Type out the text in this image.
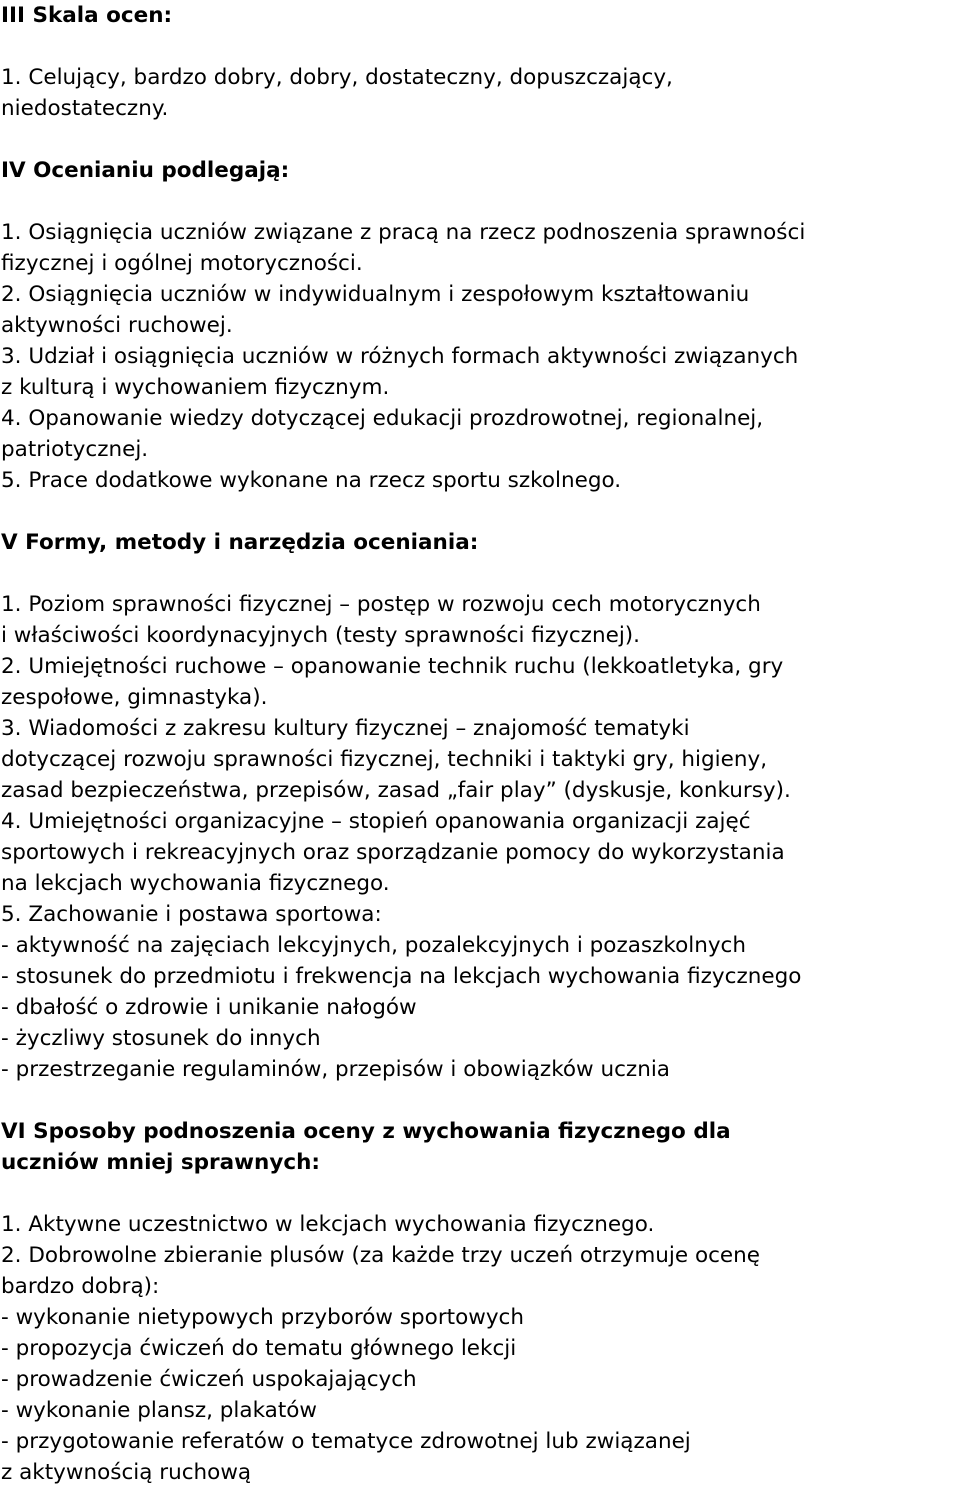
III Skala ocen:

1. Celujący, bardzo dobry, dobry, dostateczny, dopuszczający,

niedostateczny.

IV Ocenianiu podlegają:

1. Osiągnięcia uczniów związane z pracą na rzecz podnoszenia sprawności

fizycznej i ogólnej motoryczności.

2. Osiągnięcia uczniów w indywidualnym i zespołowym kształtowaniu

aktywności ruchowej.

3. Udział i osiągnięcia uczniów w różnych formach aktywności związanych

z kulturą i wychowaniem fizycznym.

4. Opanowanie wiedzy dotyczącej edukacji prozdrowotnej, regionalnej,

patriotycznej.

5. Prace dodatkowe wykonane na rzecz sportu szkolnego.

V Formy, metody i narzędzia oceniania:

1. Poziom sprawności fizycznej – postęp w rozwoju cech motorycznych

i właściwości koordynacyjnych (testy sprawności fizycznej).

2. Umiejętności ruchowe – opanowanie technik ruchu (lekkoatletyka, gry

zespołowe, gimnastyka).

3. Wiadomości z zakresu kultury fizycznej – znajomość tematyki

dotyczącej rozwoju sprawności fizycznej, techniki i taktyki gry, higieny,

zasad bezpieczeństwa, przepisów, zasad „fair play” (dyskusje, konkursy).

4. Umiejętności organizacyjne – stopień opanowania organizacji zajęć

sportowych i rekreacyjnych oraz sporządzanie pomocy do wykorzystania

na lekcjach wychowania fizycznego.

5. Zachowanie i postawa sportowa:

- aktywność na zajęciach lekcyjnych, pozalekcyjnych i pozaszkolnych

- stosunek do przedmiotu i frekwencja na lekcjach wychowania fizycznego

- dbałość o zdrowie i unikanie nałogów

- życzliwy stosunek do innych

- przestrzeganie regulaminów, przepisów i obowiązków ucznia

VI Sposoby podnoszenia oceny z wychowania fizycznego dla

uczniów mniej sprawnych:

1. Aktywne uczestnictwo w lekcjach wychowania fizycznego.

2. Dobrowolne zbieranie plusów (za każde trzy uczeń otrzymuje ocenę

bardzo dobrą):

- wykonanie nietypowych przyborów sportowych

- propozycja ćwiczeń do tematu głównego lekcji

- prowadzenie ćwiczeń uspokajających

- wykonanie plansz, plakatów

- przygotowanie referatów o tematyce zdrowotnej lub związanej

z aktywnością ruchową
